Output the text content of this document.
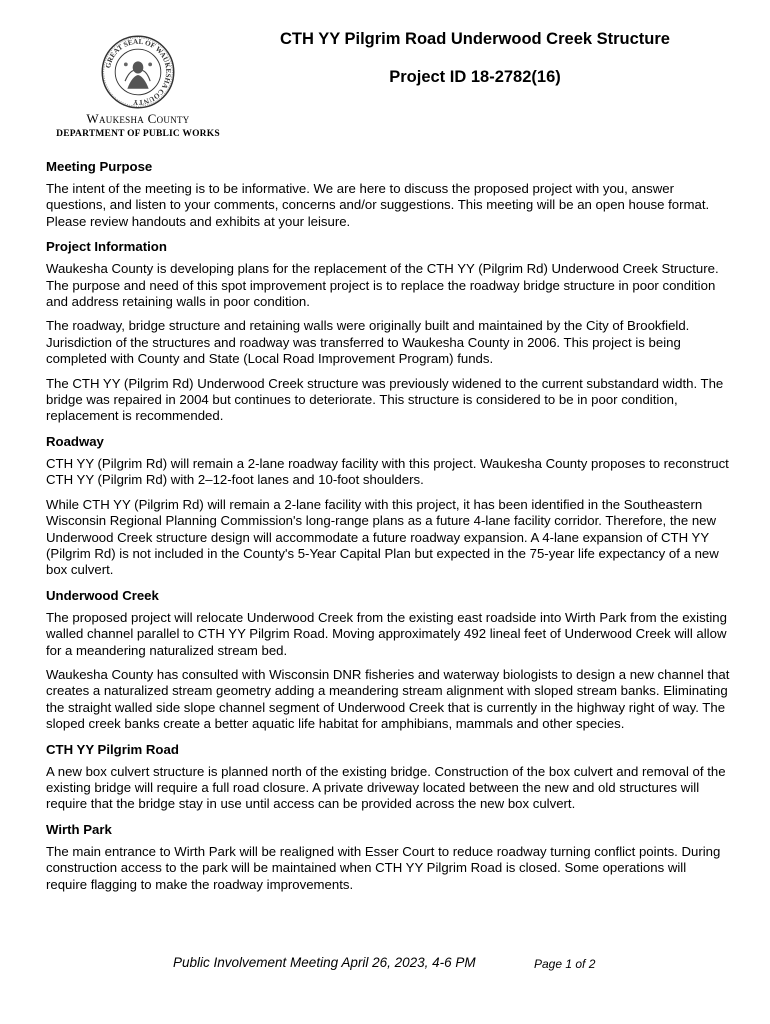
GREAT SEAL OF WAUKESHA COUNTY
Waukesha County
DEPARTMENT OF PUBLIC WORKS
CTH YY Pilgrim Road Underwood Creek Structure
Project ID 18-2782(16)
Meeting Purpose

The intent of the meeting is to be informative. We are here to discuss the proposed project with you, answer questions, and listen to your comments, concerns and/or suggestions. This meeting will be an open house format. Please review handouts and exhibits at your leisure.

Project Information

Waukesha County is developing plans for the replacement of the CTH YY (Pilgrim Rd) Underwood Creek Structure. The purpose and need of this spot improvement project is to replace the roadway bridge structure in poor condition and address retaining walls in poor condition.

The roadway, bridge structure and retaining walls were originally built and maintained by the City of Brookfield. Jurisdiction of the structures and roadway was transferred to Waukesha County in 2006. This project is being completed with County and State (Local Road Improvement Program) funds.

The CTH YY (Pilgrim Rd) Underwood Creek structure was previously widened to the current substandard width. The bridge was repaired in 2004 but continues to deteriorate. This structure is considered to be in poor condition, replacement is recommended.

Roadway

CTH YY (Pilgrim Rd) will remain a 2-lane roadway facility with this project. Waukesha County proposes to reconstruct CTH YY (Pilgrim Rd) with 2–12-foot lanes and 10-foot shoulders.

While CTH YY (Pilgrim Rd) will remain a 2-lane facility with this project, it has been identified in the Southeastern Wisconsin Regional Planning Commission's long-range plans as a future 4-lane facility corridor. Therefore, the new Underwood Creek structure design will accommodate a future roadway expansion. A 4-lane expansion of CTH YY (Pilgrim Rd) is not included in the County's 5-Year Capital Plan but expected in the 75-year life expectancy of a new box culvert.

Underwood Creek

The proposed project will relocate Underwood Creek from the existing east roadside into Wirth Park from the existing walled channel parallel to CTH YY Pilgrim Road. Moving approximately 492 lineal feet of Underwood Creek will allow for a meandering naturalized stream bed.

Waukesha County has consulted with Wisconsin DNR fisheries and waterway biologists to design a new channel that creates a naturalized stream geometry adding a meandering stream alignment with sloped stream banks. Eliminating the straight walled side slope channel segment of Underwood Creek that is currently in the highway right of way. The sloped creek banks create a better aquatic life habitat for amphibians, mammals and other species.

CTH YY Pilgrim Road

A new box culvert structure is planned north of the existing bridge. Construction of the box culvert and removal of the existing bridge will require a full road closure. A private driveway located between the new and old structures will require that the bridge stay in use until access can be provided across the new box culvert.

Wirth Park

The main entrance to Wirth Park will be realigned with Esser Court to reduce roadway turning conflict points. During construction access to the park will be maintained when CTH YY Pilgrim Road is closed. Some operations will require flagging to make the roadway improvements.

Public Involvement Meeting April 26, 2023, 4-6 PM	Page 1 of 2
